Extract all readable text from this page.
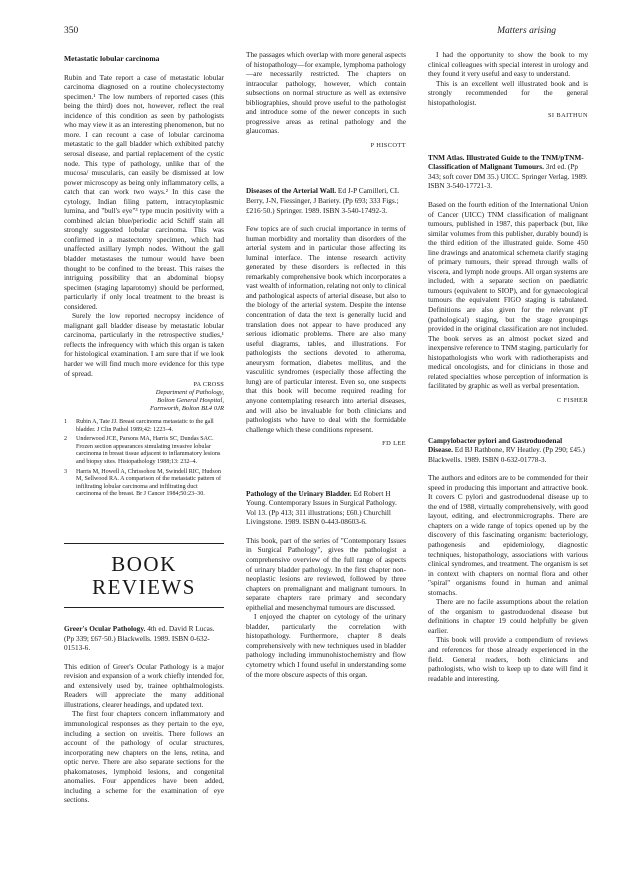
350	Matters arising
Metastatic lobular carcinoma

Rubin and Tate report a case of metastatic lobular carcinoma diagnosed on a routine cholecystectomy specimen.¹ The low numbers of reported cases (this being the third) does not, however, reflect the real incidence of this condition as seen by pathologists who may view it as an interesting phenomenon, but no more. I can recount a case of lobular carcinoma metastatic to the gall bladder which exhibited patchy serosal disease, and partial replacement of the cystic node. This type of pathology, unlike that of the mucosa/ muscularis, can easily be dismissed at low power microscopy as being only inflammatory cells, a catch that can work two ways.² In this case the cytology, Indian filing pattern, intracytoplasmic lumina, and "bull's eye"³ type mucin positivity with a combined alcian blue/periodic acid Schiff stain all strongly suggested lobular carcinoma. This was confirmed in a mastectomy specimen, which had unaffected axillary lymph nodes. Without the gall bladder metastases the tumour would have been thought to be confined to the breast. This raises the intriguing possibility that an abdominal biopsy specimen (staging laparotomy) should be performed, particularly if only local treatment to the breast is considered.

Surely the low reported necropsy incidence of malignant gall bladder disease by metastatic lobular carcinoma, particularly in the retrospective studies,¹ reflects the infrequency with which this organ is taken for histological examination. I am sure that if we look harder we will find much more evidence for this type of spread.

PA CROSS
Department of Pathology,
Bolton General Hospital,
Farnworth, Bolton BL4 0JR
1 Rubin A, Tate JJ. Breast carcinoma metastatic to the gall bladder. J Clin Pathol 1989;42: 1223–4.
2 Underwood JCE, Parsons MA, Harris SC, Dundas SAC. Frozen section appearances simulating invasive lobular carcinoma in breast tissue adjacent to inflammatory lesions and biopsy sites. Histopathology 1988;13: 232–4.
3 Harris M, Howell A, Chrissohou M, Swindell RIC, Hudson M, Sellwood RA. A comparison of the metastatic pattern of infiltrating lobular carcinoma and infiltrating duct carcinoma of the breast. Br J Cancer 1984;50:23–30.
BOOK
REVIEWS
Greer's Ocular Pathology. 4th ed. David R Lucas. (Pp 339; £67·50.) Blackwells. 1989. ISBN 0-632-01513-6.

This edition of Greer's Ocular Pathology is a major revision and expansion of a work chiefly intended for, and extensively used by, trainee ophthalmologists. Readers will appreciate the many additional illustrations, clearer headings, and updated text.

The first four chapters concern inflammatory and immunological responses as they pertain to the eye, including a section on uveitis. There follows an account of the pathology of ocular structures, incorporating new chapters on the lens, retina, and optic nerve. There are also separate sections for the phakomatoses, lymphoid lesions, and congenital anomalies. Four appendices have been added, including a scheme for the examination of eye sections.

The passages which overlap with more general aspects of histopathology—for example, lymphoma pathology—are necessarily restricted. The chapters on intraocular pathology, however, which contain subsections on normal structure as well as extensive bibliographies, should prove useful to the pathologist and introduce some of the newer concepts in such progressive areas as retinal pathology and the glaucomas.

P HISCOTT
Diseases of the Arterial Wall. Ed J-P Camilleri, CL Berry, J-N, Fiessinger, J Bariety. (Pp 693; 333 Figs.; £216·50.) Springer. 1989. ISBN 3-540-17492-3.

Few topics are of such crucial importance in terms of human morbidity and mortality than disorders of the arterial system and in particular those affecting its luminal interface. The intense research activity generated by these disorders is reflected in this remarkably comprehensive book which incorporates a vast wealth of information, relating not only to clinical and pathological aspects of arterial disease, but also to the biology of the arterial system. Despite the intense concentration of data the text is generally lucid and translation does not appear to have produced any serious idiomatic problems. There are also many useful diagrams, tables, and illustrations. For pathologists the sections devoted to atheroma, aneurysm formation, diabetes mellitus, and the vasculitic syndromes (especially those affecting the lung) are of particular interest. Even so, one suspects that this book will become required reading for anyone contemplating research into arterial diseases, and will also be invaluable for both clinicians and pathologists who have to deal with the formidable challenge which these conditions represent.

FD LEE
Pathology of the Urinary Bladder. Ed Robert H Young. Contemporary Issues in Surgical Pathology. Vol 13. (Pp 413; 311 illustrations; £60.) Churchill Livingstone. 1989. ISBN 0-443-08603-6.

This book, part of the series of "Contemporary Issues in Surgical Pathology", gives the pathologist a comprehensive overview of the full range of aspects of urinary bladder pathology. In the first chapter non-neoplastic lesions are reviewed, followed by three chapters on premalignant and malignant tumours. In separate chapters rare primary and secondary epithelial and mesenchymal tumours are discussed.

I enjoyed the chapter on cytology of the urinary bladder, particularly the correlation with histopathology. Furthermore, chapter 8 deals comprehensively with new techniques used in bladder pathology including immunohistochemistry and flow cytometry which I found useful in understanding some of the more obscure aspects of this organ.

I had the opportunity to show the book to my clinical colleagues with special interest in urology and they found it very useful and easy to understand.

This is an excellent well illustrated book and is strongly recommended for the general histopathologist.

SI BAITHUN
TNM Atlas. Illustrated Guide to the TNM/pTNM-Classification of Malignant Tumours. 3rd ed. (Pp 343; soft cover DM 35.) UICC. Springer Verlag. 1989. ISBN 3-540-17721-3.

Based on the fourth edition of the International Union of Cancer (UICC) TNM classification of malignant tumours, published in 1987, this paperback (but, like similar volumes from this publisher, durably bound) is the third edition of the illustrated guide. Some 450 line drawings and anatomical schemeta clarify staging of primary tumours, their spread through walls of viscera, and lymph node groups. All organ systems are included, with a separate section on paediatric tumours (equivalent to SIOP), and for gynaecological tumours the equivalent FIGO staging is tabulated. Definitions are also given for the relevant pT (pathological) staging, but the stage groupings provided in the original classification are not included. The book serves as an almost pocket sized and inexpensive reference to TNM staging, particularly for histopathologists who work with radiotherapists and medical oncologists, and for clinicians in those and related specialties whose perception of information is facilitated by graphic as well as verbal presentation.

C FISHER
Campylobacter pylori and Gastroduodenal Disease. Ed BJ Rathbone, RV Heatley. (Pp 290; £45.) Blackwells. 1989. ISBN 0-632-01778-3.

The authors and editors are to be commended for their speed in producing this important and attractive book. It covers C pylori and gastroduodenal disease up to the end of 1988, virtually comprehensively, with good layout, editing, and electronmicrographs. There are chapters on a wide range of topics opened up by the discovery of this fascinating organism: bacteriology, pathogenesis and epidemiology, diagnostic techniques, histopathology, associations with various clinical syndromes, and treatment. The organism is set in context with chapters on normal flora and other "spiral" organisms found in human and animal stomachs.

There are no facile assumptions about the relation of the organism to gastroduodenal disease but definitions in chapter 19 could helpfully be given earlier.

This book will provide a compendium of reviews and references for those already experienced in the field. General readers, both clinicians and pathologists, who wish to keep up to date will find it readable and interesting.
